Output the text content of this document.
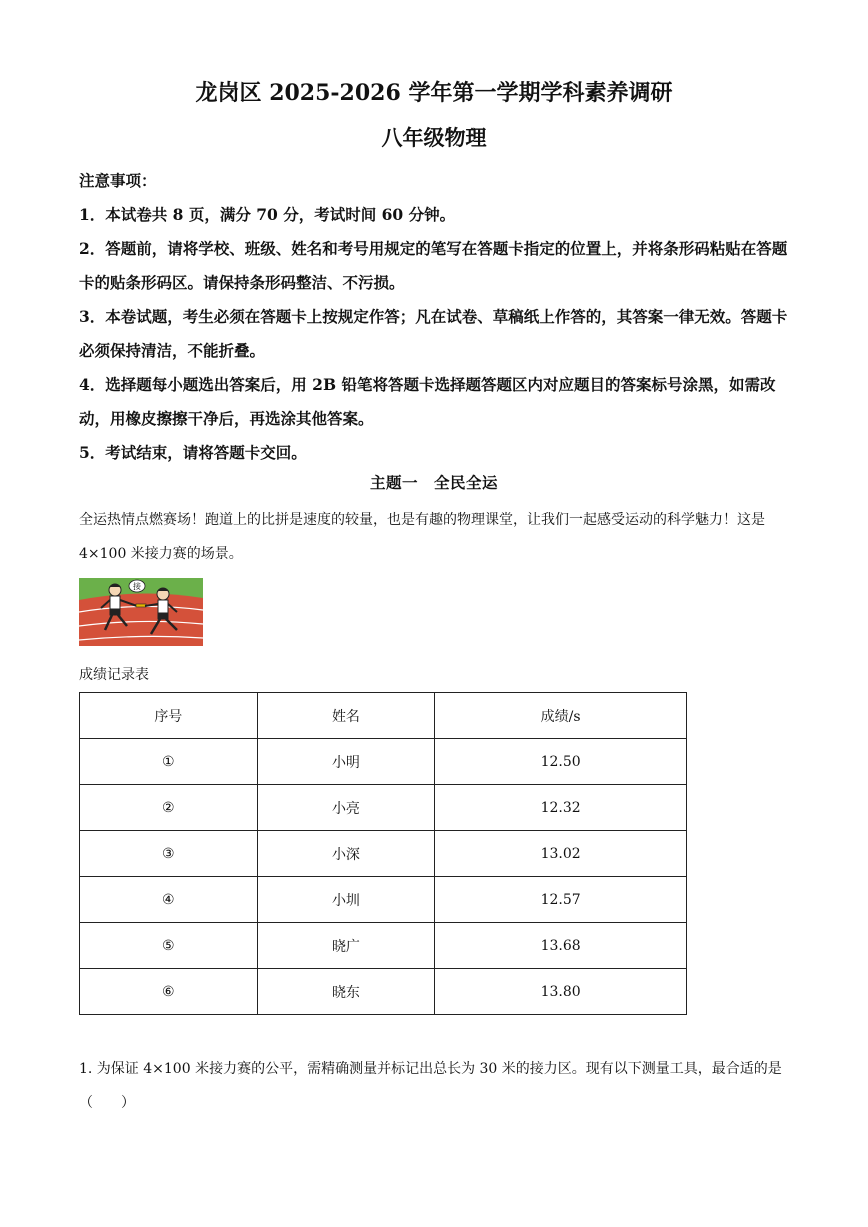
龙岗区 2025-2026 学年第一学期学科素养调研
八年级物理

注意事项：

1．本试卷共 8 页，满分 70 分，考试时间 60 分钟。

2．答题前，请将学校、班级、姓名和考号用规定的笔写在答题卡指定的位置上，并将条形码粘贴在答题卡的贴条形码区。请保持条形码整洁、不污损。

3．本卷试题，考生必须在答题卡上按规定作答；凡在试卷、草稿纸上作答的，其答案一律无效。答题卡必须保持清洁，不能折叠。

4．选择题每小题选出答案后，用 2B 铅笔将答题卡选择题答题区内对应题目的答案标号涂黑，如需改动，用橡皮擦擦干净后，再选涂其他答案。

5．考试结束，请将答题卡交回。

主题一　全民全运
全运热情点燃赛场！跑道上的比拼是速度的较量，也是有趣的物理课堂，让我们一起感受运动的科学魅力！这是 4×100 米接力赛的场景。
接
成绩记录表
序号	姓名	成绩/s
①	小明	12.50
②	小亮	12.32
③	小深	13.02
④	小圳	12.57
⑤	晓广	13.68
⑥	晓东	13.80
1. 为保证 4×100 米接力赛的公平，需精确测量并标记出总长为 30 米的接力区。现有以下测量工具，最合适的是（　　）
